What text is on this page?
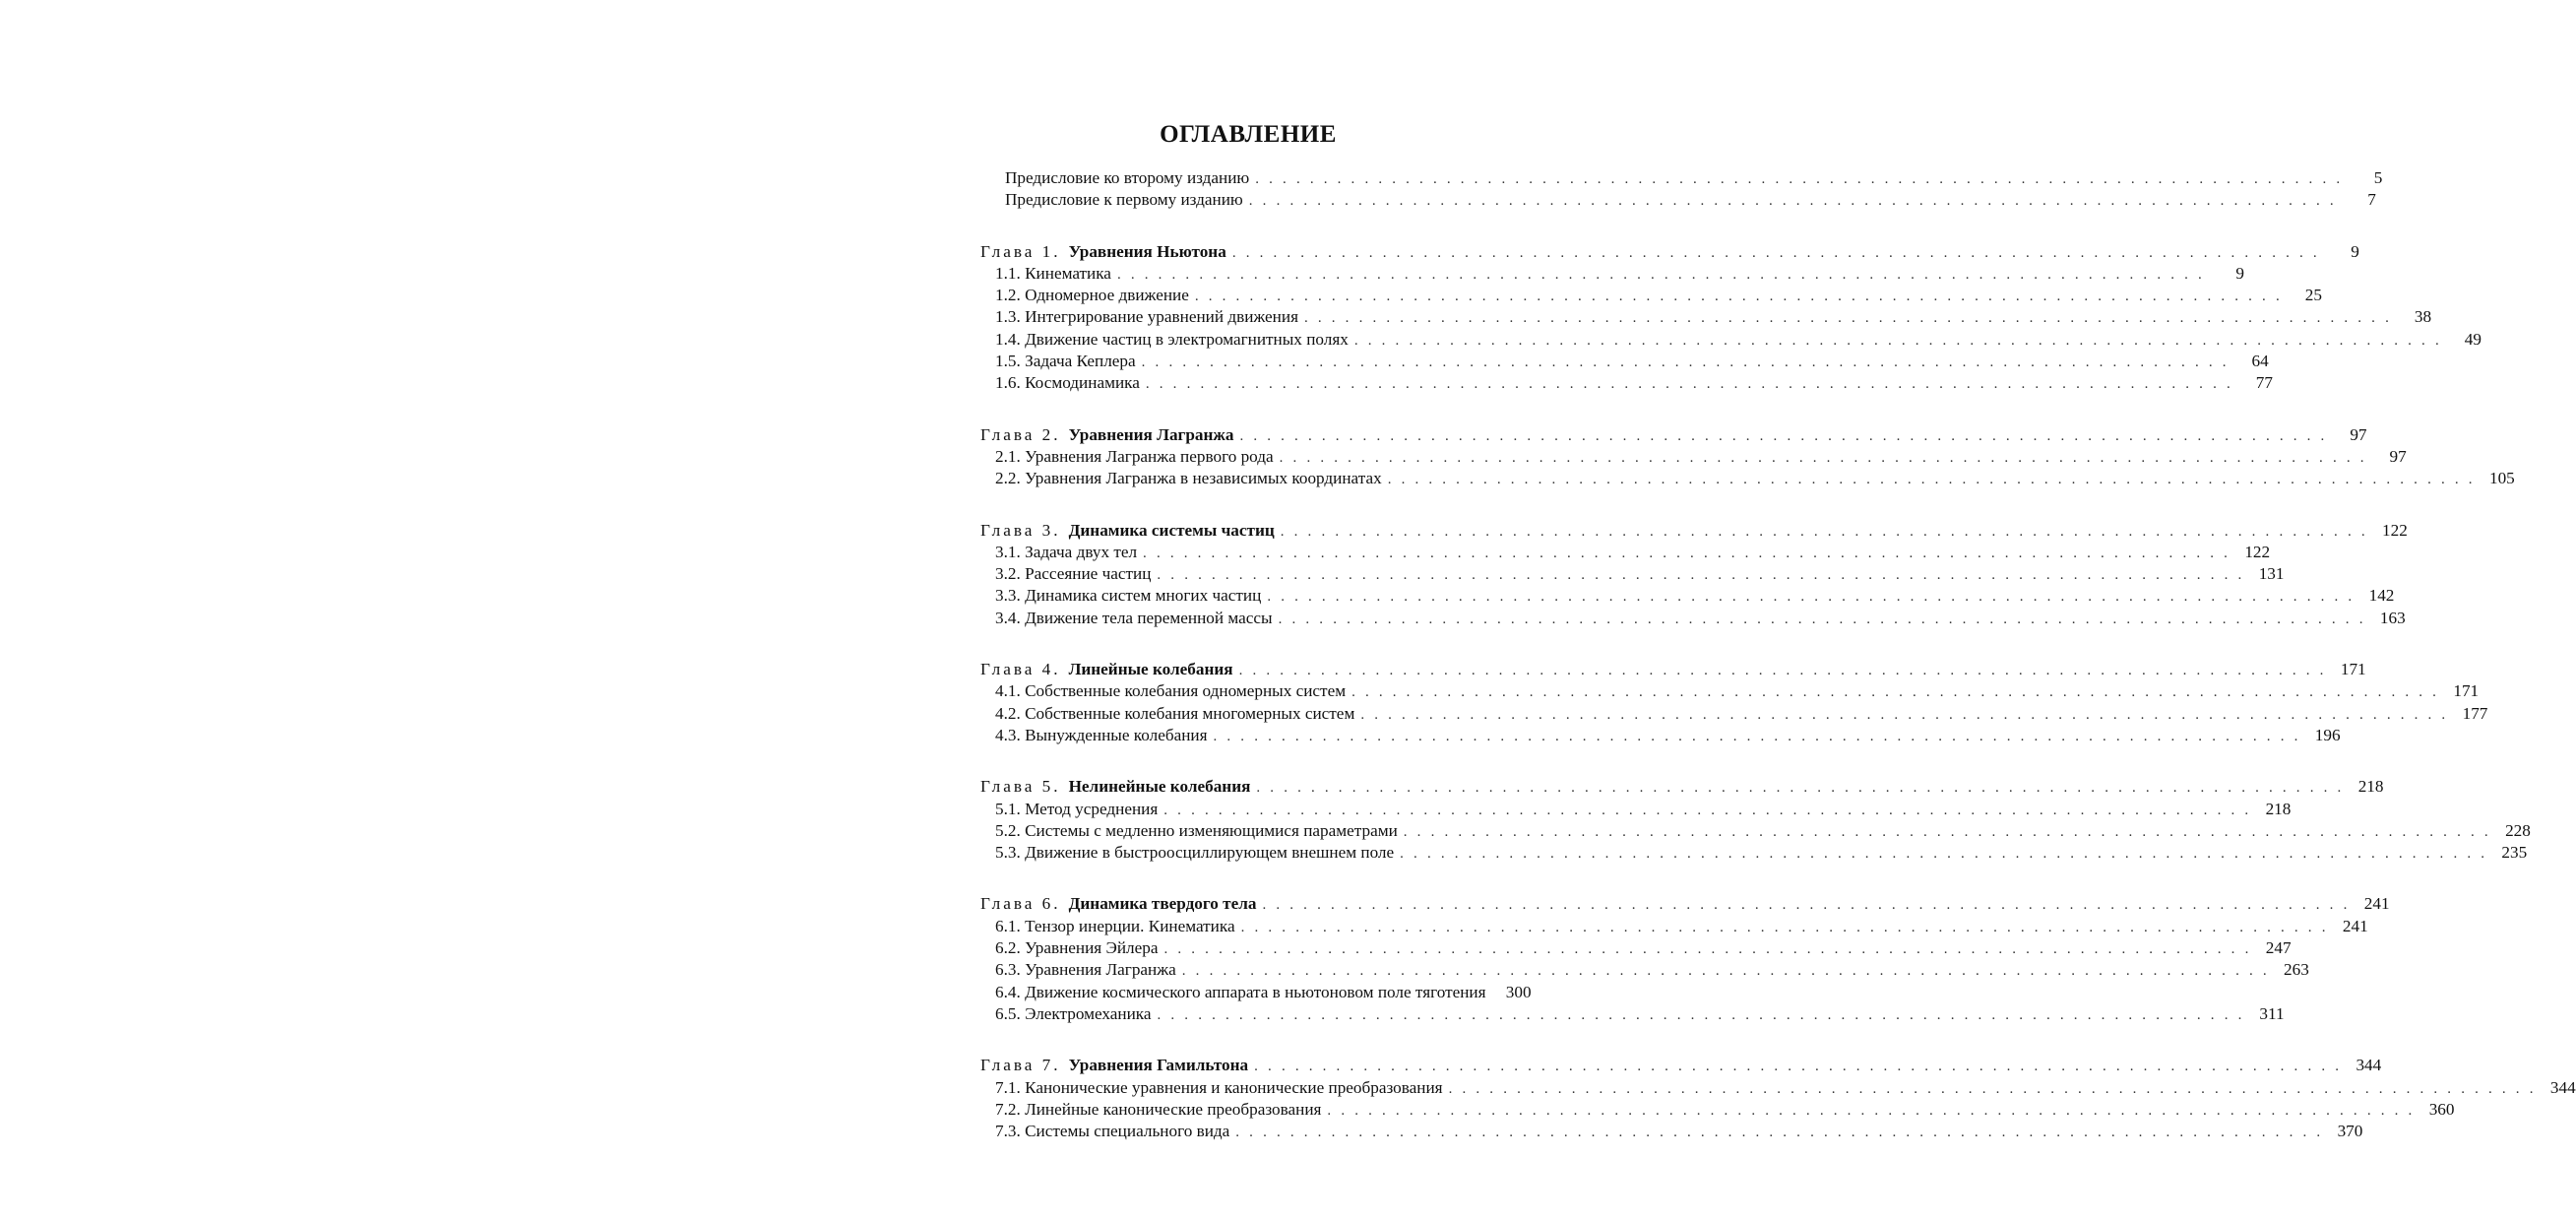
ОГЛАВЛЕНИЕ
Предисловие ко второму изданию . . . . . . . . . . . . . . . . . . . . . . . . . . . . . . . . . . . . . . . . . . . . . . . . . . . . . . . . . . . . . . . . . . . . . . . . . . . . . . . .	5
Предисловие к первому изданию . . . . . . . . . . . . . . . . . . . . . . . . . . . . . . . . . . . . . . . . . . . . . . . . . . . . . . . . . . . . . . . . . . . . . . . . . . . . . . . .	7
Глава 1. Уравнения Ньютона . . . . . . . . . . . . . . . . . . . . . . . . . . . . . . . . . . . . . . . . . . . . . . . . . . . . . . . . . . . . . . . . . . . . . . . . . . . . . . . .	9
1.1. Кинематика . . . . . . . . . . . . . . . . . . . . . . . . . . . . . . . . . . . . . . . . . . . . . . . . . . . . . . . . . . . . . . . . . . . . . . . . . . . . . . . .	9
1.2. Одномерное движение . . . . . . . . . . . . . . . . . . . . . . . . . . . . . . . . . . . . . . . . . . . . . . . . . . . . . . . . . . . . . . . . . . . . . . . . . . . . . . . .	25
1.3. Интегрирование уравнений движения . . . . . . . . . . . . . . . . . . . . . . . . . . . . . . . . . . . . . . . . . . . . . . . . . . . . . . . . . . . . . . . . . . . . . . . . . . . . . . . .	38
1.4. Движение частиц в электромагнитных полях . . . . . . . . . . . . . . . . . . . . . . . . . . . . . . . . . . . . . . . . . . . . . . . . . . . . . . . . . . . . . . . . . . . . . . . . . . . . . . . .	49
1.5. Задача Кеплера . . . . . . . . . . . . . . . . . . . . . . . . . . . . . . . . . . . . . . . . . . . . . . . . . . . . . . . . . . . . . . . . . . . . . . . . . . . . . . . .	64
1.6. Космодинамика . . . . . . . . . . . . . . . . . . . . . . . . . . . . . . . . . . . . . . . . . . . . . . . . . . . . . . . . . . . . . . . . . . . . . . . . . . . . . . . .	77
Глава 2. Уравнения Лагранжа . . . . . . . . . . . . . . . . . . . . . . . . . . . . . . . . . . . . . . . . . . . . . . . . . . . . . . . . . . . . . . . . . . . . . . . . . . . . . . . .	97
2.1. Уравнения Лагранжа первого рода . . . . . . . . . . . . . . . . . . . . . . . . . . . . . . . . . . . . . . . . . . . . . . . . . . . . . . . . . . . . . . . . . . . . . . . . . . . . . . . .	97
2.2. Уравнения Лагранжа в независимых координатах . . . . . . . . . . . . . . . . . . . . . . . . . . . . . . . . . . . . . . . . . . . . . . . . . . . . . . . . . . . . . . . . . . . . . . . . . . . . . . . . 105
Глава 3. Динамика системы частиц . . . . . . . . . . . . . . . . . . . . . . . . . . . . . . . . . . . . . . . . . . . . . . . . . . . . . . . . . . . . . . . . . . . . . . . . . . . . . . . . 122
3.1. Задача двух тел . . . . . . . . . . . . . . . . . . . . . . . . . . . . . . . . . . . . . . . . . . . . . . . . . . . . . . . . . . . . . . . . . . . . . . . . . . . . . . . . 122
3.2. Рассеяние частиц . . . . . . . . . . . . . . . . . . . . . . . . . . . . . . . . . . . . . . . . . . . . . . . . . . . . . . . . . . . . . . . . . . . . . . . . . . . . . . . . 131
3.3. Динамика систем многих частиц . . . . . . . . . . . . . . . . . . . . . . . . . . . . . . . . . . . . . . . . . . . . . . . . . . . . . . . . . . . . . . . . . . . . . . . . . . . . . . . . 142
3.4. Движение тела переменной массы . . . . . . . . . . . . . . . . . . . . . . . . . . . . . . . . . . . . . . . . . . . . . . . . . . . . . . . . . . . . . . . . . . . . . . . . . . . . . . . . 163
Глава 4. Линейные колебания . . . . . . . . . . . . . . . . . . . . . . . . . . . . . . . . . . . . . . . . . . . . . . . . . . . . . . . . . . . . . . . . . . . . . . . . . . . . . . . . 171
4.1. Собственные колебания одномерных систем . . . . . . . . . . . . . . . . . . . . . . . . . . . . . . . . . . . . . . . . . . . . . . . . . . . . . . . . . . . . . . . . . . . . . . . . . . . . . . . . 171
4.2. Собственные колебания многомерных систем . . . . . . . . . . . . . . . . . . . . . . . . . . . . . . . . . . . . . . . . . . . . . . . . . . . . . . . . . . . . . . . . . . . . . . . . . . . . . . . . 177
4.3. Вынужденные колебания . . . . . . . . . . . . . . . . . . . . . . . . . . . . . . . . . . . . . . . . . . . . . . . . . . . . . . . . . . . . . . . . . . . . . . . . . . . . . . . . 196
Глава 5. Нелинейные колебания . . . . . . . . . . . . . . . . . . . . . . . . . . . . . . . . . . . . . . . . . . . . . . . . . . . . . . . . . . . . . . . . . . . . . . . . . . . . . . . . 218
5.1. Метод усреднения . . . . . . . . . . . . . . . . . . . . . . . . . . . . . . . . . . . . . . . . . . . . . . . . . . . . . . . . . . . . . . . . . . . . . . . . . . . . . . . . 218
5.2. Системы с медленно изменяющимися параметрами . . . . . . . . . . . . . . . . . . . . . . . . . . . . . . . . . . . . . . . . . . . . . . . . . . . . . . . . . . . . . . . . . . . . . . . . . . . . . . . . 228
5.3. Движение в быстроосциллирующем внешнем поле . . . . . . . . . . . . . . . . . . . . . . . . . . . . . . . . . . . . . . . . . . . . . . . . . . . . . . . . . . . . . . . . . . . . . . . . . . . . . . . . 235
Глава 6. Динамика твердого тела . . . . . . . . . . . . . . . . . . . . . . . . . . . . . . . . . . . . . . . . . . . . . . . . . . . . . . . . . . . . . . . . . . . . . . . . . . . . . . . . 241
6.1. Тензор инерции. Кинематика . . . . . . . . . . . . . . . . . . . . . . . . . . . . . . . . . . . . . . . . . . . . . . . . . . . . . . . . . . . . . . . . . . . . . . . . . . . . . . . . 241
6.2. Уравнения Эйлера . . . . . . . . . . . . . . . . . . . . . . . . . . . . . . . . . . . . . . . . . . . . . . . . . . . . . . . . . . . . . . . . . . . . . . . . . . . . . . . . 247
6.3. Уравнения Лагранжа . . . . . . . . . . . . . . . . . . . . . . . . . . . . . . . . . . . . . . . . . . . . . . . . . . . . . . . . . . . . . . . . . . . . . . . . . . . . . . . . 263
6.4. Движение космического аппарата в ньютоновом поле тяготения	300
6.5. Электромеханика . . . . . . . . . . . . . . . . . . . . . . . . . . . . . . . . . . . . . . . . . . . . . . . . . . . . . . . . . . . . . . . . . . . . . . . . . . . . . . . . 311
Глава 7. Уравнения Гамильтона . . . . . . . . . . . . . . . . . . . . . . . . . . . . . . . . . . . . . . . . . . . . . . . . . . . . . . . . . . . . . . . . . . . . . . . . . . . . . . . . 344
7.1. Канонические уравнения и канонические преобразования . . . . . . . . . . . . . . . . . . . . . . . . . . . . . . . . . . . . . . . . . . . . . . . . . . . . . . . . . . . . . . . . . . . . . . . . . . . . . . . . 344
7.2. Линейные канонические преобразования . . . . . . . . . . . . . . . . . . . . . . . . . . . . . . . . . . . . . . . . . . . . . . . . . . . . . . . . . . . . . . . . . . . . . . . . . . . . . . . . 360
7.3. Системы специального вида . . . . . . . . . . . . . . . . . . . . . . . . . . . . . . . . . . . . . . . . . . . . . . . . . . . . . . . . . . . . . . . . . . . . . . . . . . . . . . . . 370
